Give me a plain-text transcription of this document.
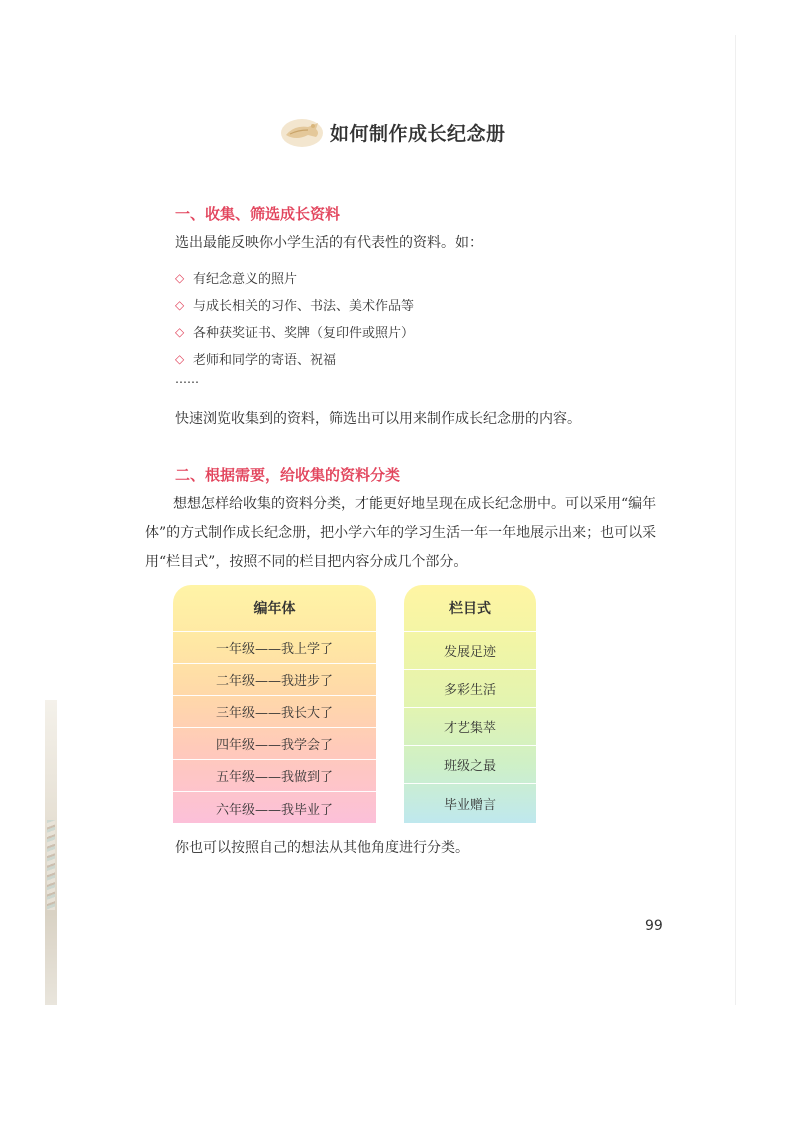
如何制作成长纪念册
一、收集、筛选成长资料
选出最能反映你小学生活的有代表性的资料。如：
◇ 有纪念意义的照片
◇ 与成长相关的习作、书法、美术作品等
◇ 各种获奖证书、奖牌（复印件或照片）
◇ 老师和同学的寄语、祝福
……
快速浏览收集到的资料，筛选出可以用来制作成长纪念册的内容。
二、根据需要，给收集的资料分类
想想怎样给收集的资料分类，才能更好地呈现在成长纪念册中。可以采用“编年体”的方式制作成长纪念册，把小学六年的学习生活一年一年地展示出来；也可以采用“栏目式”，按照不同的栏目把内容分成几个部分。
编年体
一年级——我上学了
二年级——我进步了
三年级——我长大了
四年级——我学会了
五年级——我做到了
六年级——我毕业了
栏目式
发展足迹
多彩生活
才艺集萃
班级之最
毕业赠言
你也可以按照自己的想法从其他角度进行分类。
99
